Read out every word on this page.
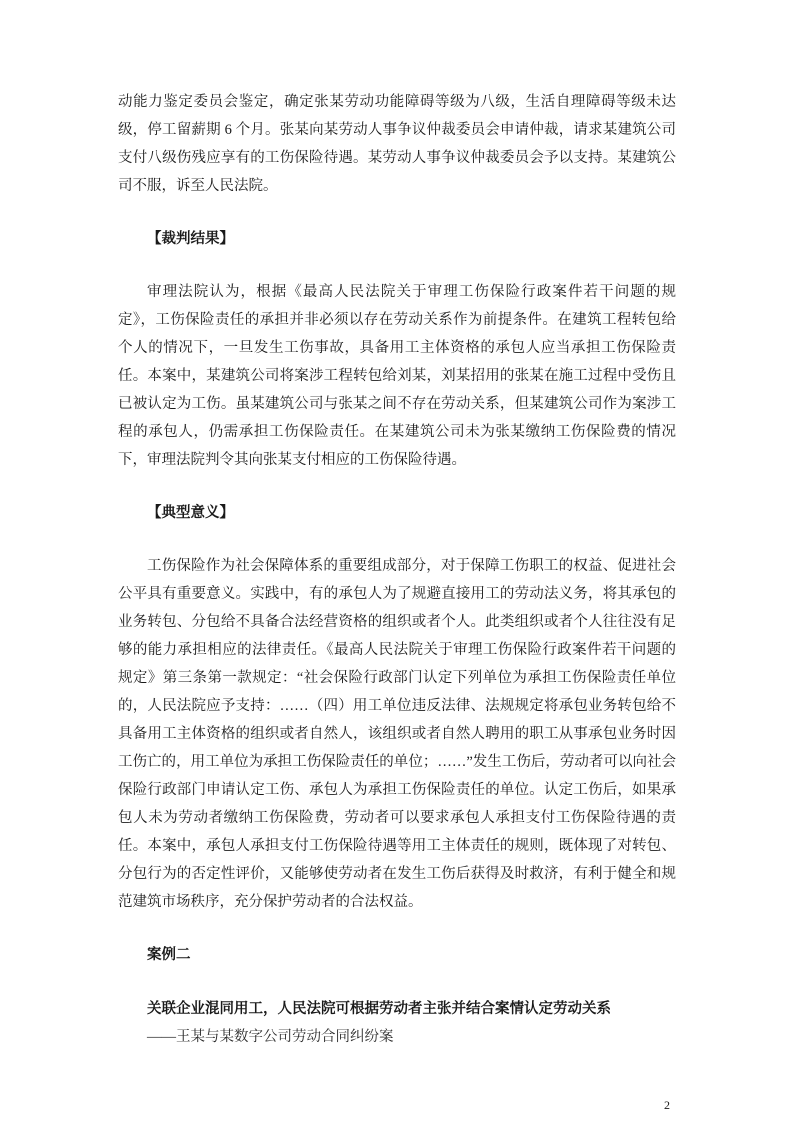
动能力鉴定委员会鉴定，确定张某劳动功能障碍等级为八级，生活自理障碍等级未达级，停工留薪期 6 个月。张某向某劳动人事争议仲裁委员会申请仲裁，请求某建筑公司支付八级伤残应享有的工伤保险待遇。某劳动人事争议仲裁委员会予以支持。某建筑公司不服，诉至人民法院。

【裁判结果】

审理法院认为，根据《最高人民法院关于审理工伤保险行政案件若干问题的规定》，工伤保险责任的承担并非必须以存在劳动关系作为前提条件。在建筑工程转包给个人的情况下，一旦发生工伤事故，具备用工主体资格的承包人应当承担工伤保险责任。本案中，某建筑公司将案涉工程转包给刘某，刘某招用的张某在施工过程中受伤且已被认定为工伤。虽某建筑公司与张某之间不存在劳动关系，但某建筑公司作为案涉工程的承包人，仍需承担工伤保险责任。在某建筑公司未为张某缴纳工伤保险费的情况下，审理法院判令其向张某支付相应的工伤保险待遇。

【典型意义】

工伤保险作为社会保障体系的重要组成部分，对于保障工伤职工的权益、促进社会公平具有重要意义。实践中，有的承包人为了规避直接用工的劳动法义务，将其承包的业务转包、分包给不具备合法经营资格的组织或者个人。此类组织或者个人往往没有足够的能力承担相应的法律责任。《最高人民法院关于审理工伤保险行政案件若干问题的规定》第三条第一款规定：“社会保险行政部门认定下列单位为承担工伤保险责任单位的，人民法院应予支持：……（四）用工单位违反法律、法规规定将承包业务转包给不具备用工主体资格的组织或者自然人，该组织或者自然人聘用的职工从事承包业务时因工伤亡的，用工单位为承担工伤保险责任的单位；……”发生工伤后，劳动者可以向社会保险行政部门申请认定工伤、承包人为承担工伤保险责任的单位。认定工伤后，如果承包人未为劳动者缴纳工伤保险费，劳动者可以要求承包人承担支付工伤保险待遇的责任。本案中，承包人承担支付工伤保险待遇等用工主体责任的规则，既体现了对转包、分包行为的否定性评价，又能够使劳动者在发生工伤后获得及时救济，有利于健全和规范建筑市场秩序，充分保护劳动者的合法权益。

案例二

关联企业混同用工，人民法院可根据劳动者主张并结合案情认定劳动关系

——王某与某数字公司劳动合同纠纷案

2
